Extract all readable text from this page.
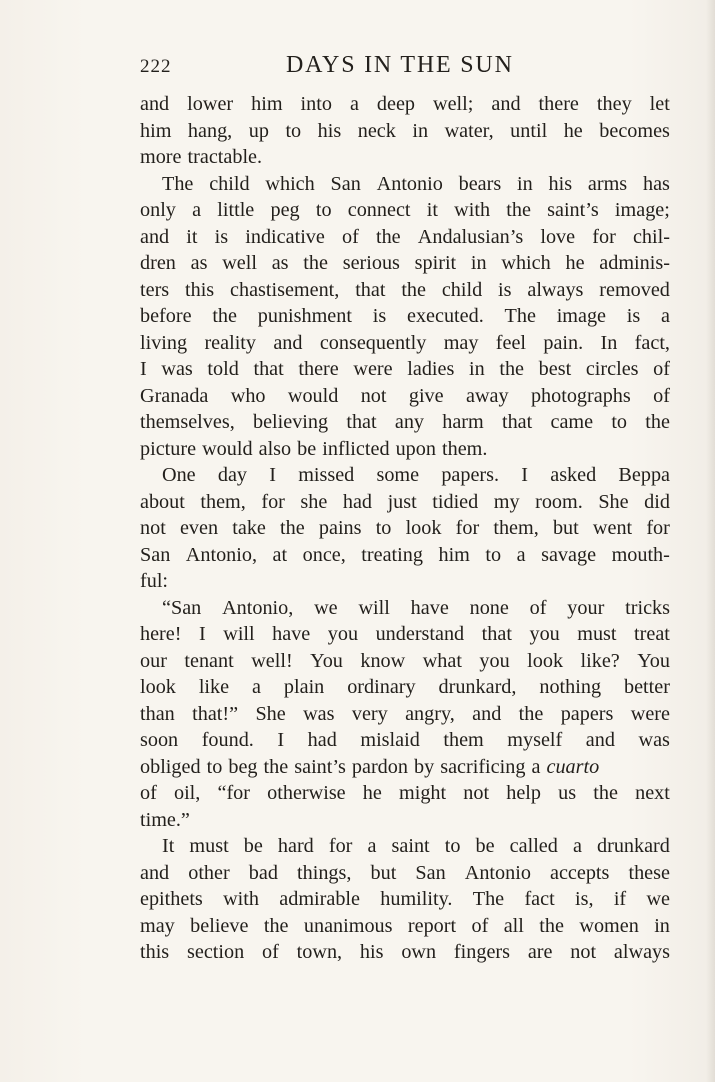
222	DAYS IN THE SUN
and lower him into a deep well; and there they let
him hang, up to his neck in water, until he becomes
more tractable.
The child which San Antonio bears in his arms has
only a little peg to connect it with the saint’s image;
and it is indicative of the Andalusian’s love for chil-
dren as well as the serious spirit in which he adminis-
ters this chastisement, that the child is always removed
before the punishment is executed. The image is a
living reality and consequently may feel pain. In fact,
I was told that there were ladies in the best circles of
Granada who would not give away photographs of
themselves, believing that any harm that came to the
picture would also be inflicted upon them.
One day I missed some papers. I asked Beppa
about them, for she had just tidied my room. She did
not even take the pains to look for them, but went for
San Antonio, at once, treating him to a savage mouth-
ful:
“San Antonio, we will have none of your tricks
here! I will have you understand that you must treat
our tenant well! You know what you look like? You
look like a plain ordinary drunkard, nothing better
than that!” She was very angry, and the papers were
soon found. I had mislaid them myself and was
obliged to beg the saint’s pardon by sacrificing a cuarto
of oil, “for otherwise he might not help us the next
time.”
It must be hard for a saint to be called a drunkard
and other bad things, but San Antonio accepts these
epithets with admirable humility. The fact is, if we
may believe the unanimous report of all the women in
this section of town, his own fingers are not always
